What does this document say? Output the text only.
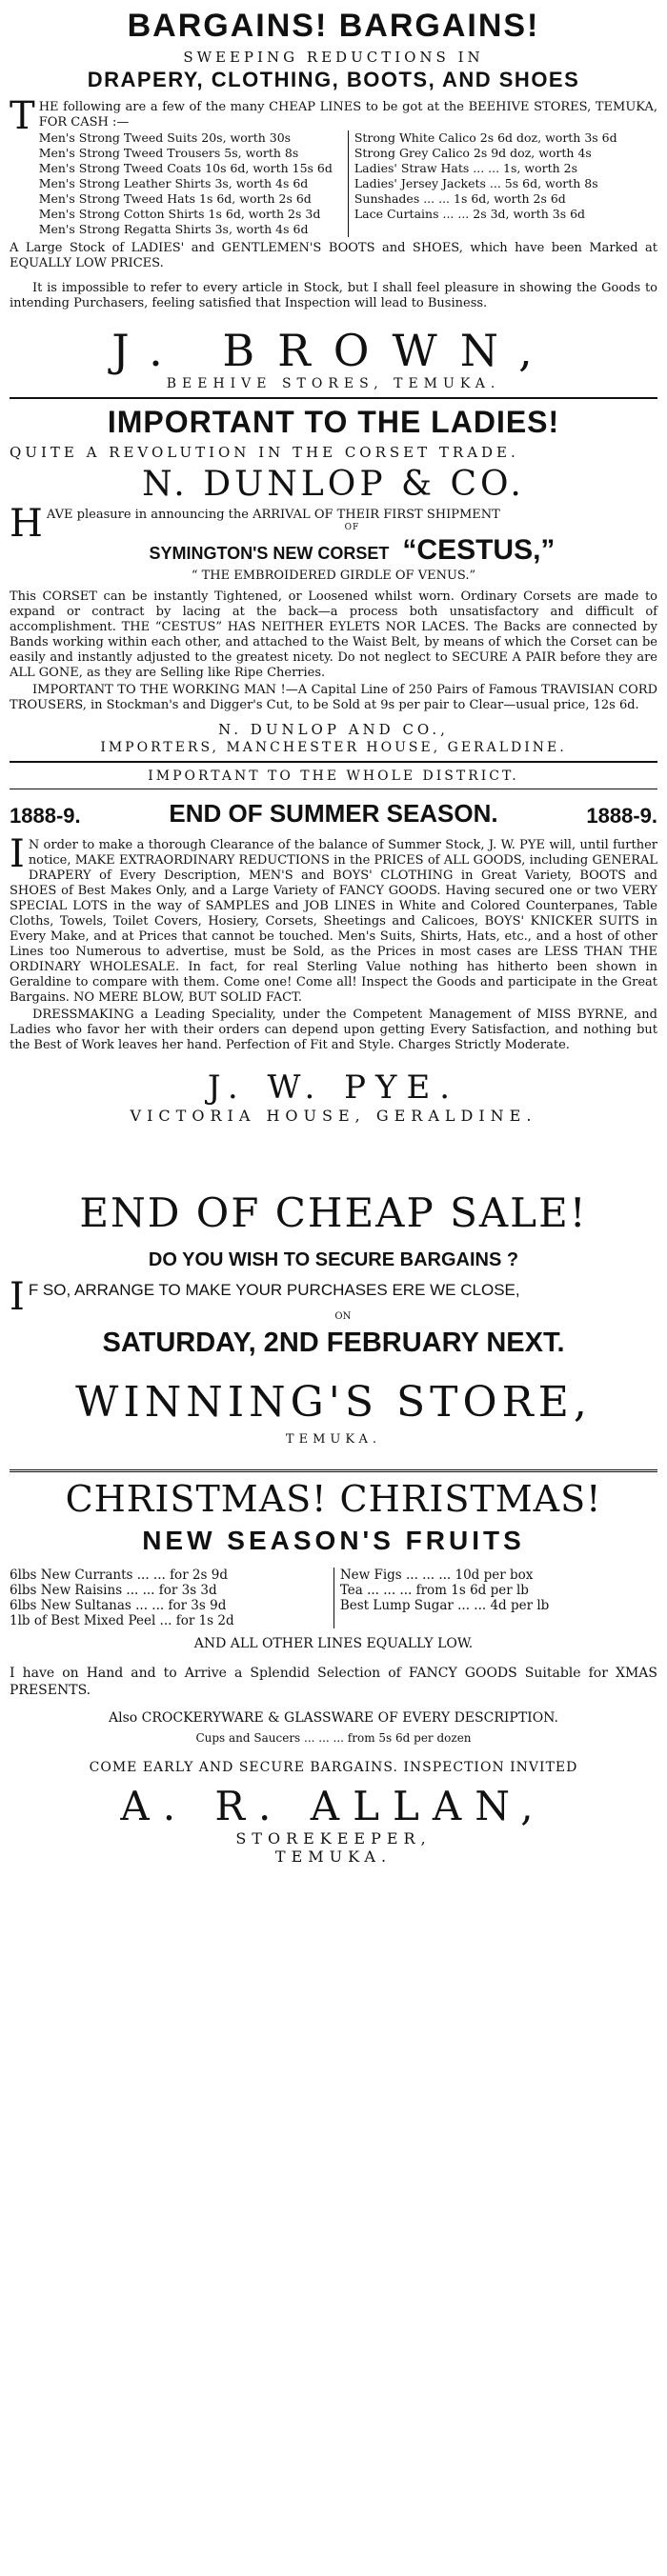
BARGAINS! BARGAINS!
SWEEPING REDUCTIONS IN
DRAPERY, CLOTHING, BOOTS, AND SHOES
THE following are a few of the many CHEAP LINES to be got at the BEEHIVE STORES, TEMUKA, FOR CASH :—
Men's Strong Tweed Suits 20s, worth 30s
Men's Strong Tweed Trousers 5s, worth 8s
Men's Strong Tweed Coats 10s 6d, worth 15s 6d
Men's Strong Leather Shirts 3s, worth 4s 6d
Men's Strong Tweed Hats 1s 6d, worth 2s 6d
Men's Strong Cotton Shirts 1s 6d, worth 2s 3d
Men's Strong Regatta Shirts 3s, worth 4s 6d
Strong White Calico 2s 6d doz, worth 3s 6d
Strong Grey Calico 2s 9d doz, worth 4s
Ladies' Straw Hats ... ... 1s, worth 2s
Ladies' Jersey Jackets ... 5s 6d, worth 8s
Sunshades ... ... 1s 6d, worth 2s 6d
Lace Curtains ... ... 2s 3d, worth 3s 6d
A Large Stock of LADIES' and GENTLEMEN'S BOOTS and SHOES, which have been Marked at EQUALLY LOW PRICES.
It is impossible to refer to every article in Stock, but I shall feel pleasure in showing the Goods to intending Purchasers, feeling satisfied that Inspection will lead to Business.
J. BROWN,
BEEHIVE STORES, TEMUKA.
IMPORTANT TO THE LADIES!
QUITE A REVOLUTION IN THE CORSET TRADE.
N. DUNLOP & CO.
HAVE pleasure in announcing the ARRIVAL OF THEIR FIRST SHIPMENT
OF
SYMINGTON'S NEW CORSET “CESTUS,”
“ THE EMBROIDERED GIRDLE OF VENUS.”
This CORSET can be instantly Tightened, or Loosened whilst worn. Ordinary Corsets are made to expand or contract by lacing at the back—a process both unsatisfactory and difficult of accomplishment. THE “CESTUS” HAS NEITHER EYLETS NOR LACES. The Backs are connected by Bands working within each other, and attached to the Waist Belt, by means of which the Corset can be easily and instantly adjusted to the greatest nicety. Do not neglect to SECURE A PAIR before they are ALL GONE, as they are Selling like Ripe Cherries.
IMPORTANT TO THE WORKING MAN !—A Capital Line of 250 Pairs of Famous TRAVISIAN CORD TROUSERS, in Stockman's and Digger's Cut, to be Sold at 9s per pair to Clear—usual price, 12s 6d.
N. DUNLOP AND CO.,
IMPORTERS, MANCHESTER HOUSE, GERALDINE.
IMPORTANT TO THE WHOLE DISTRICT.
1888-9.	END OF SUMMER SEASON.	1888-9.
IN order to make a thorough Clearance of the balance of Summer Stock, J. W. PYE will, until further notice, MAKE EXTRAORDINARY REDUCTIONS in the PRICES of ALL GOODS, including GENERAL DRAPERY of Every Description, MEN'S and BOYS' CLOTHING in Great Variety, BOOTS and SHOES of Best Makes Only, and a Large Variety of FANCY GOODS. Having secured one or two VERY SPECIAL LOTS in the way of SAMPLES and JOB LINES in White and Colored Counterpanes, Table Cloths, Towels, Toilet Covers, Hosiery, Corsets, Sheetings and Calicoes, BOYS' KNICKER SUITS in Every Make, and at Prices that cannot be touched. Men's Suits, Shirts, Hats, etc., and a host of other Lines too Numerous to advertise, must be Sold, as the Prices in most cases are LESS THAN THE ORDINARY WHOLESALE. In fact, for real Sterling Value nothing has hitherto been shown in Geraldine to compare with them. Come one! Come all! Inspect the Goods and participate in the Great Bargains. NO MERE BLOW, BUT SOLID FACT.
DRESSMAKING a Leading Speciality, under the Competent Management of MISS BYRNE, and Ladies who favor her with their orders can depend upon getting Every Satisfaction, and nothing but the Best of Work leaves her hand. Perfection of Fit and Style. Charges Strictly Moderate.
J. W. PYE.
VICTORIA HOUSE, GERALDINE.
END OF CHEAP SALE!
DO YOU WISH TO SECURE BARGAINS ?
IF SO, ARRANGE TO MAKE YOUR PURCHASES ERE WE CLOSE,
ON
SATURDAY, 2ND FEBRUARY NEXT.
WINNING'S STORE,
TEMUKA.
CHRISTMAS! CHRISTMAS!
NEW SEASON'S FRUITS
6lbs New Currants ... ... for 2s 9d
6lbs New Raisins ... ... for 3s 3d
6lbs New Sultanas ... ... for 3s 9d
1lb of Best Mixed Peel ... for 1s 2d
New Figs ... ... ... 10d per box
Tea ... ... ... from 1s 6d per lb
Best Lump Sugar ... ... 4d per lb
AND ALL OTHER LINES EQUALLY LOW.
I have on Hand and to Arrive a Splendid Selection of FANCY GOODS Suitable for XMAS PRESENTS.
Also CROCKERYWARE & GLASSWARE OF EVERY DESCRIPTION.
Cups and Saucers ... ... ... from 5s 6d per dozen
COME EARLY AND SECURE BARGAINS. INSPECTION INVITED
A. R. ALLAN,
STOREKEEPER,
TEMUKA.
